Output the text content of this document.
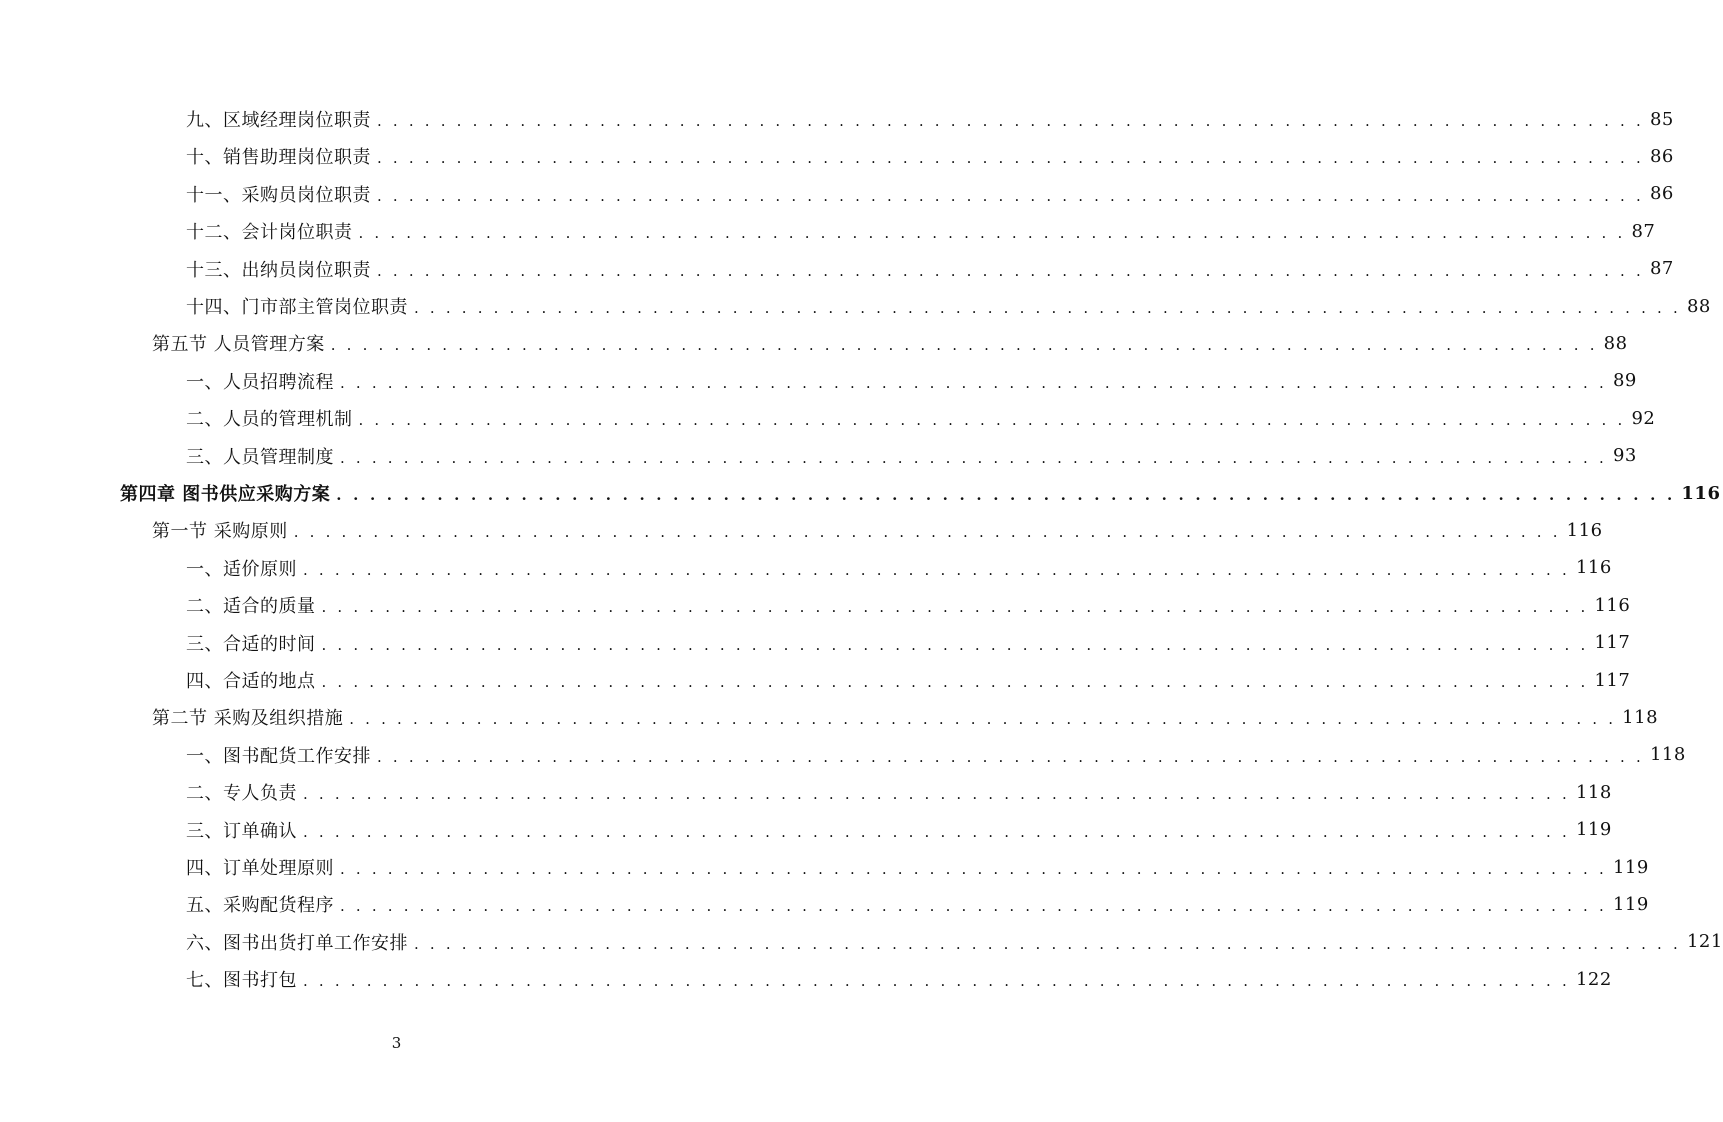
九、区域经理岗位职责 . . . . . . . . . . . . . . . . . . . . . . . . . . . . . . . . . . . . . . . . . . . . . . . . . . . . . . . . . . . . . . . . . . . . . . . . . . . . . . . . 85
十、销售助理岗位职责 . . . . . . . . . . . . . . . . . . . . . . . . . . . . . . . . . . . . . . . . . . . . . . . . . . . . . . . . . . . . . . . . . . . . . . . . . . . . . . . . 86
十一、采购员岗位职责 . . . . . . . . . . . . . . . . . . . . . . . . . . . . . . . . . . . . . . . . . . . . . . . . . . . . . . . . . . . . . . . . . . . . . . . . . . . . . . . . 86
十二、会计岗位职责 . . . . . . . . . . . . . . . . . . . . . . . . . . . . . . . . . . . . . . . . . . . . . . . . . . . . . . . . . . . . . . . . . . . . . . . . . . . . . . . . 87
十三、出纳员岗位职责 . . . . . . . . . . . . . . . . . . . . . . . . . . . . . . . . . . . . . . . . . . . . . . . . . . . . . . . . . . . . . . . . . . . . . . . . . . . . . . . . 87
十四、门市部主管岗位职责 . . . . . . . . . . . . . . . . . . . . . . . . . . . . . . . . . . . . . . . . . . . . . . . . . . . . . . . . . . . . . . . . . . . . . . . . . . . . . . . . 88
第五节 人员管理方案 . . . . . . . . . . . . . . . . . . . . . . . . . . . . . . . . . . . . . . . . . . . . . . . . . . . . . . . . . . . . . . . . . . . . . . . . . . . . . . . . 88
一、人员招聘流程 . . . . . . . . . . . . . . . . . . . . . . . . . . . . . . . . . . . . . . . . . . . . . . . . . . . . . . . . . . . . . . . . . . . . . . . . . . . . . . . . 89
二、人员的管理机制 . . . . . . . . . . . . . . . . . . . . . . . . . . . . . . . . . . . . . . . . . . . . . . . . . . . . . . . . . . . . . . . . . . . . . . . . . . . . . . . . 92
三、人员管理制度 . . . . . . . . . . . . . . . . . . . . . . . . . . . . . . . . . . . . . . . . . . . . . . . . . . . . . . . . . . . . . . . . . . . . . . . . . . . . . . . . 93
第四章 图书供应采购方案 . . . . . . . . . . . . . . . . . . . . . . . . . . . . . . . . . . . . . . . . . . . . . . . . . . . . . . . . . . . . . . . . . . . . . . . . . . . . . . . . 116
第一节 采购原则 . . . . . . . . . . . . . . . . . . . . . . . . . . . . . . . . . . . . . . . . . . . . . . . . . . . . . . . . . . . . . . . . . . . . . . . . . . . . . . . . 116
一、适价原则 . . . . . . . . . . . . . . . . . . . . . . . . . . . . . . . . . . . . . . . . . . . . . . . . . . . . . . . . . . . . . . . . . . . . . . . . . . . . . . . . 116
二、适合的质量 . . . . . . . . . . . . . . . . . . . . . . . . . . . . . . . . . . . . . . . . . . . . . . . . . . . . . . . . . . . . . . . . . . . . . . . . . . . . . . . . 116
三、合适的时间 . . . . . . . . . . . . . . . . . . . . . . . . . . . . . . . . . . . . . . . . . . . . . . . . . . . . . . . . . . . . . . . . . . . . . . . . . . . . . . . . 117
四、合适的地点 . . . . . . . . . . . . . . . . . . . . . . . . . . . . . . . . . . . . . . . . . . . . . . . . . . . . . . . . . . . . . . . . . . . . . . . . . . . . . . . . 117
第二节 采购及组织措施 . . . . . . . . . . . . . . . . . . . . . . . . . . . . . . . . . . . . . . . . . . . . . . . . . . . . . . . . . . . . . . . . . . . . . . . . . . . . . . . . 118
一、图书配货工作安排 . . . . . . . . . . . . . . . . . . . . . . . . . . . . . . . . . . . . . . . . . . . . . . . . . . . . . . . . . . . . . . . . . . . . . . . . . . . . . . . . 118
二、专人负责 . . . . . . . . . . . . . . . . . . . . . . . . . . . . . . . . . . . . . . . . . . . . . . . . . . . . . . . . . . . . . . . . . . . . . . . . . . . . . . . . 118
三、订单确认 . . . . . . . . . . . . . . . . . . . . . . . . . . . . . . . . . . . . . . . . . . . . . . . . . . . . . . . . . . . . . . . . . . . . . . . . . . . . . . . . 119
四、订单处理原则 . . . . . . . . . . . . . . . . . . . . . . . . . . . . . . . . . . . . . . . . . . . . . . . . . . . . . . . . . . . . . . . . . . . . . . . . . . . . . . . . 119
五、采购配货程序 . . . . . . . . . . . . . . . . . . . . . . . . . . . . . . . . . . . . . . . . . . . . . . . . . . . . . . . . . . . . . . . . . . . . . . . . . . . . . . . . 119
六、图书出货打单工作安排 . . . . . . . . . . . . . . . . . . . . . . . . . . . . . . . . . . . . . . . . . . . . . . . . . . . . . . . . . . . . . . . . . . . . . . . . . . . . . . . . 121
七、图书打包 . . . . . . . . . . . . . . . . . . . . . . . . . . . . . . . . . . . . . . . . . . . . . . . . . . . . . . . . . . . . . . . . . . . . . . . . . . . . . . . . 122
3
